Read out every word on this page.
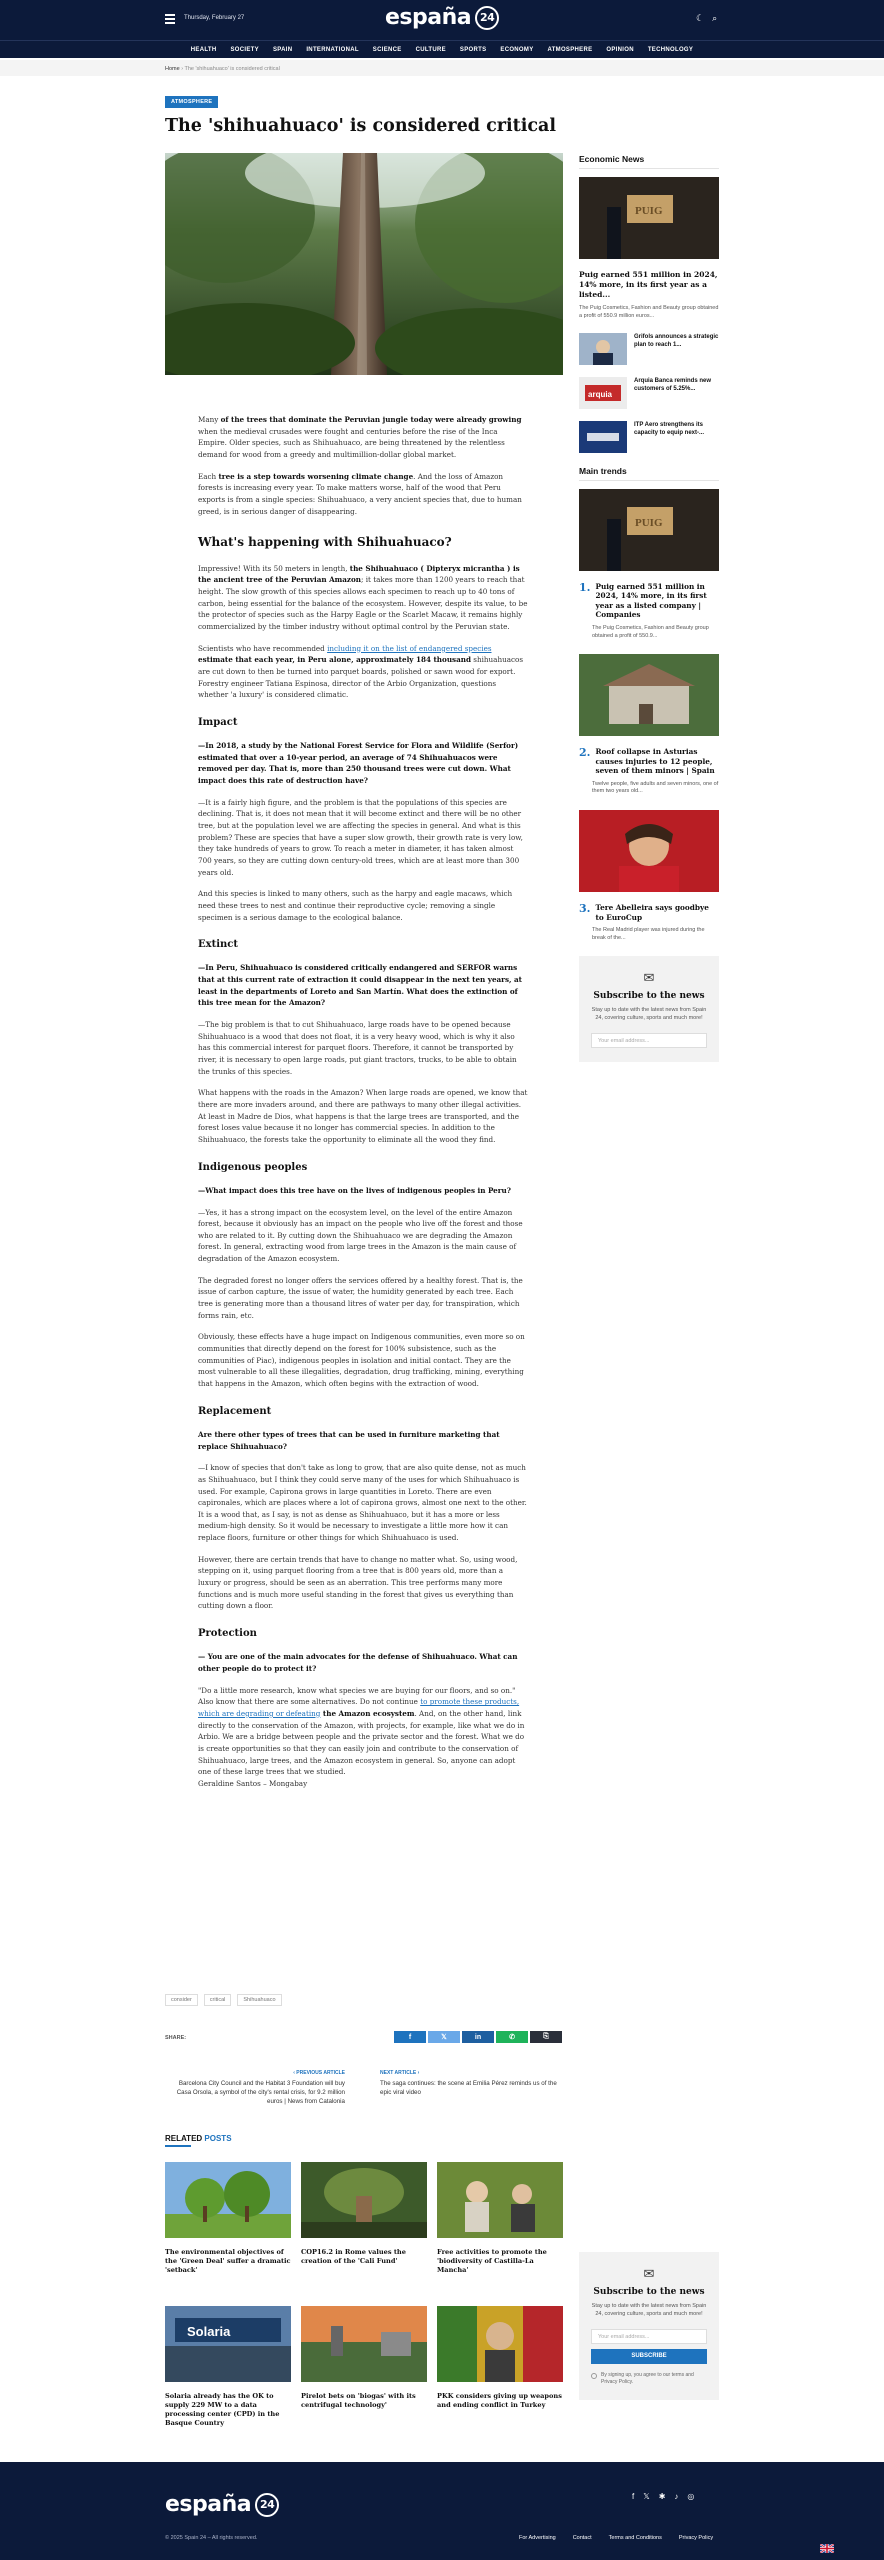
Thursday, February 27	españa 24	☾ ⌕
HEALTH SOCIETY SPAIN INTERNATIONAL SCIENCE CULTURE SPORTS ECONOMY ATMOSPHERE OPINION TECHNOLOGY
Home › The 'shihuahuaco' is considered critical
ATMOSPHERE
The 'shihuahuaco' is considered critical

Many of the trees that dominate the Peruvian jungle today were already growing when the medieval crusades were fought and centuries before the rise of the Inca Empire. Older species, such as Shihuahuaco, are being threatened by the relentless demand for wood from a greedy and multimillion-dollar global market.

Each tree is a step towards worsening climate change. And the loss of Amazon forests is increasing every year. To make matters worse, half of the wood that Peru exports is from a single species: Shihuahuaco, a very ancient species that, due to human greed, is in serious danger of disappearing.

What's happening with Shihuahuaco?

Impressive! With its 50 meters in length, the Shihuahuaco ( Dipteryx micrantha ) is the ancient tree of the Peruvian Amazon; it takes more than 1200 years to reach that height. The slow growth of this species allows each specimen to reach up to 40 tons of carbon, being essential for the balance of the ecosystem. However, despite its value, to be the protector of species such as the Harpy Eagle or the Scarlet Macaw, it remains highly commercialized by the timber industry without optimal control by the Peruvian state.

Scientists who have recommended including it on the list of endangered species estimate that each year, in Peru alone, approximately 184 thousand shihuahuacos are cut down to then be turned into parquet boards, polished or sawn wood for export. Forestry engineer Tatiana Espinosa, director of the Arbio Organization, questions whether 'a luxury' is considered climatic.

Impact

—In 2018, a study by the National Forest Service for Flora and Wildlife (Serfor) estimated that over a 10-year period, an average of 74 Shihuahuacos were removed per day. That is, more than 250 thousand trees were cut down. What impact does this rate of destruction have?

—It is a fairly high figure, and the problem is that the populations of this species are declining. That is, it does not mean that it will become extinct and there will be no other tree, but at the population level we are affecting the species in general. And what is this problem? These are species that have a super slow growth, their growth rate is very low, they take hundreds of years to grow. To reach a meter in diameter, it has taken almost 700 years, so they are cutting down century-old trees, which are at least more than 300 years old.

And this species is linked to many others, such as the harpy and eagle macaws, which need these trees to nest and continue their reproductive cycle; removing a single specimen is a serious damage to the ecological balance.

Extinct

—In Peru, Shihuahuaco is considered critically endangered and SERFOR warns that at this current rate of extraction it could disappear in the next ten years, at least in the departments of Loreto and San Martín. What does the extinction of this tree mean for the Amazon?

—The big problem is that to cut Shihuahuaco, large roads have to be opened because Shihuahuaco is a wood that does not float, it is a very heavy wood, which is why it also has this commercial interest for parquet floors. Therefore, it cannot be transported by river, it is necessary to open large roads, put giant tractors, trucks, to be able to obtain the trunks of this species.

What happens with the roads in the Amazon? When large roads are opened, we know that there are more invaders around, and there are pathways to many other illegal activities. At least in Madre de Dios, what happens is that the large trees are transported, and the forest loses value because it no longer has commercial species. In addition to the Shihuahuaco, the forests take the opportunity to eliminate all the wood they find.

Indigenous peoples

—What impact does this tree have on the lives of indigenous peoples in Peru?

—Yes, it has a strong impact on the ecosystem level, on the level of the entire Amazon forest, because it obviously has an impact on the people who live off the forest and those who are related to it. By cutting down the Shihuahuaco we are degrading the Amazon forest. In general, extracting wood from large trees in the Amazon is the main cause of degradation of the Amazon ecosystem.

The degraded forest no longer offers the services offered by a healthy forest. That is, the issue of carbon capture, the issue of water, the humidity generated by each tree. Each tree is generating more than a thousand litres of water per day, for transpiration, which forms rain, etc.

Obviously, these effects have a huge impact on Indigenous communities, even more so on communities that directly depend on the forest for 100% subsistence, such as the communities of Piac), indigenous peoples in isolation and initial contact. They are the most vulnerable to all these illegalities, degradation, drug trafficking, mining, everything that happens in the Amazon, which often begins with the extraction of wood.

Replacement

Are there other types of trees that can be used in furniture marketing that replace Shihuahuaco?

—I know of species that don't take as long to grow, that are also quite dense, not as much as Shihuahuaco, but I think they could serve many of the uses for which Shihuahuaco is used. For example, Capirona grows in large quantities in Loreto. There are even capironales, which are places where a lot of capirona grows, almost one next to the other. It is a wood that, as I say, is not as dense as Shihuahuaco, but it has a more or less medium-high density. So it would be necessary to investigate a little more how it can replace floors, furniture or other things for which Shihuahuaco is used.

However, there are certain trends that have to change no matter what. So, using wood, stepping on it, using parquet flooring from a tree that is 800 years old, more than a luxury or progress, should be seen as an aberration. This tree performs many more functions and is much more useful standing in the forest that gives us everything than cutting down a floor.

Protection

— You are one of the main advocates for the defense of Shihuahuaco. What can other people do to protect it?

"Do a little more research, know what species we are buying for our floors, and so on." Also know that there are some alternatives. Do not continue to promote these products, which are degrading or defeating the Amazon ecosystem. And, on the other hand, link directly to the conservation of the Amazon, with projects, for example, like what we do in Arbio. We are a bridge between people and the private sector and the forest. What we do is create opportunities so that they can easily join and contribute to the conservation of Shihuahuaco, large trees, and the Amazon ecosystem in general. So, anyone can adopt one of these large trees that we studied.
Geraldine Santos – Mongabay

consider	critical	Shihuahuaco
SHARE:	f	𝕏	in	✆	⎘
‹ PREVIOUS ARTICLE
Barcelona City Council and the Habitat 3 Foundation will buy Casa Orsola, a symbol of the city's rental crisis, for 9.2 million euros | News from Catalonia
NEXT ARTICLE ›
The saga continues: the scene at Emilia Pérez reminds us of the epic viral video
RELATED POSTS
The environmental objectives of the 'Green Deal' suffer a dramatic 'setback'
COP16.2 in Rome values the creation of the 'Cali Fund'
Free activities to promote the 'biodiversity of Castilla-La Mancha'
Solaria
Solaria already has the OK to supply 229 MW to a data processing center (CPD) in the Basque Country
Pirelot bets on 'biogas' with its centrifugal technology'
PKK considers giving up weapons and ending conflict in Turkey
Economic News
PUIG
Puig earned 551 million in 2024, 14% more, in its first year as a listed...
The Puig Cosmetics, Fashion and Beauty group obtained a profit of 550.9 million euros...
Grifols announces a strategic plan to reach 1...
arquia
Arquia Banca reminds new customers of 5.25%...
ITP Aero strengthens its capacity to equip next-...
Main trends
PUIG
1. Puig earned 551 million in 2024, 14% more, in its first year as a listed company | Companies
The Puig Cosmetics, Fashion and Beauty group obtained a profit of 550.9...
2. Roof collapse in Asturias causes injuries to 12 people, seven of them minors | Spain
Twelve people, five adults and seven minors, one of them two years old...
3. Tere Abelleira says goodbye to EuroCup
The Real Madrid player was injured during the break of the...
✉
Subscribe to the news
Stay up to date with the latest news from Spain 24, covering culture, sports and much more!
Your email address...
✉
Subscribe to the news
Stay up to date with the latest news from Spain 24, covering culture, sports and much more!
Your email address...
SUBSCRIBE
By signing up, you agree to our terms and Privacy Policy.
españa 24
f 𝕏 ✱ ♪ ◎
© 2025 Spain 24 – All rights reserved.	For Advertising	Contact	Terms and Conditions	Privacy Policy
